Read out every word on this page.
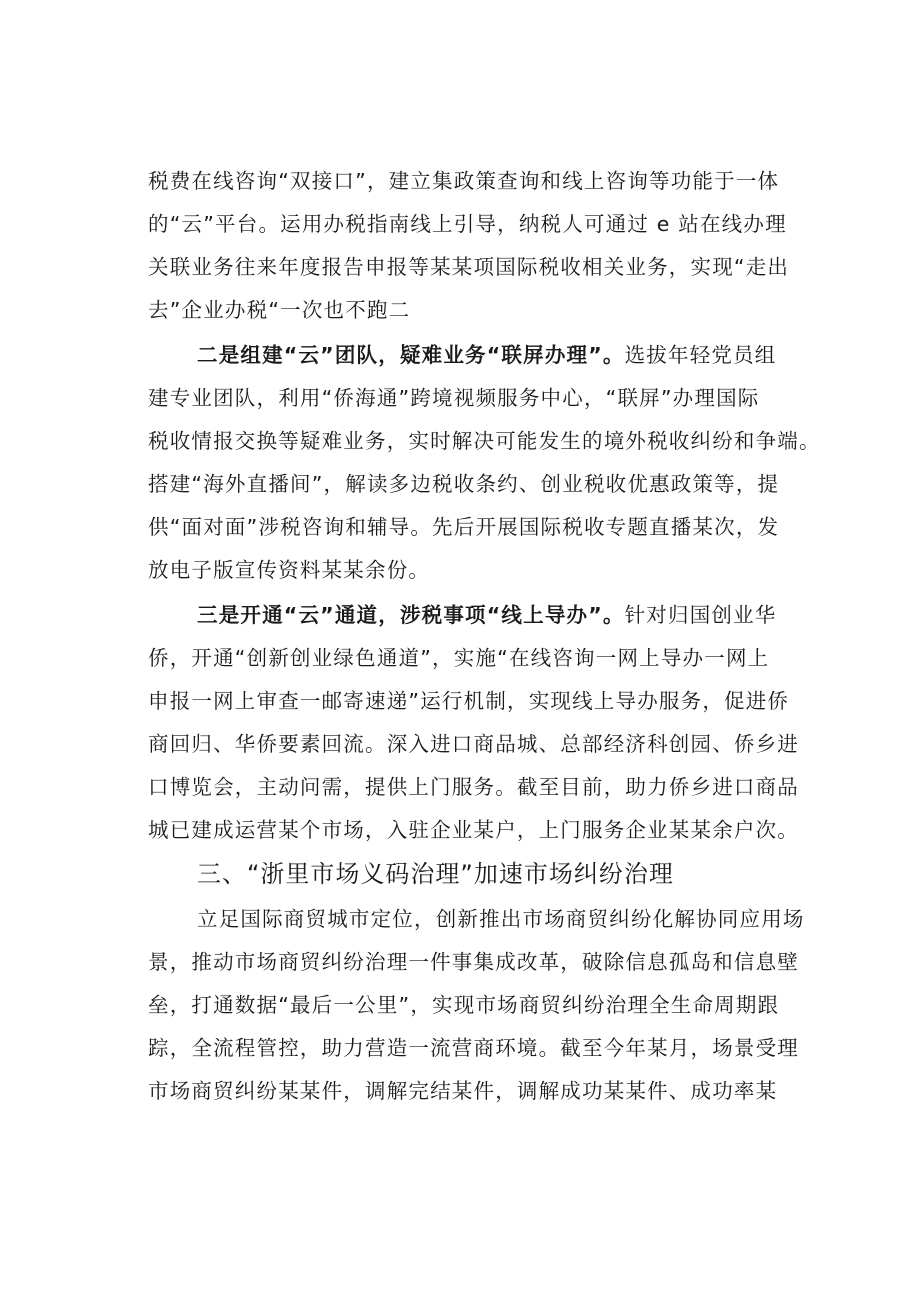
税费在线咨询“双接口”，建立集政策查询和线上咨询等功能于一体
的“云”平台。运用办税指南线上引导，纳税人可通过 e 站在线办理
关联业务往来年度报告申报等某某项国际税收相关业务，实现“走出
去”企业办税“一次也不跑二
二是组建“云”团队，疑难业务“联屏办理”。选拔年轻党员组
建专业团队，利用“侨海通”跨境视频服务中心，“联屏”办理国际
税收情报交换等疑难业务，实时解决可能发生的境外税收纠纷和争端。
搭建“海外直播间”，解读多边税收条约、创业税收优惠政策等，提
供“面对面”涉税咨询和辅导。先后开展国际税收专题直播某次，发
放电子版宣传资料某某余份。
三是开通“云”通道，涉税事项“线上导办”。针对归国创业华
侨，开通“创新创业绿色通道”，实施“在线咨询一网上导办一网上
申报一网上审查一邮寄速递”运行机制，实现线上导办服务，促进侨
商回归、华侨要素回流。深入进口商品城、总部经济科创园、侨乡进
口博览会，主动问需，提供上门服务。截至目前，助力侨乡进口商品
城已建成运营某个市场，入驻企业某户，上门服务企业某某余户次。
三、“浙里市场义码治理”加速市场纠纷治理
立足国际商贸城市定位，创新推出市场商贸纠纷化解协同应用场
景，推动市场商贸纠纷治理一件事集成改革，破除信息孤岛和信息壁
垒，打通数据“最后一公里”，实现市场商贸纠纷治理全生命周期跟
踪，全流程管控，助力营造一流营商环境。截至今年某月，场景受理
市场商贸纠纷某某件，调解完结某件，调解成功某某件、成功率某
